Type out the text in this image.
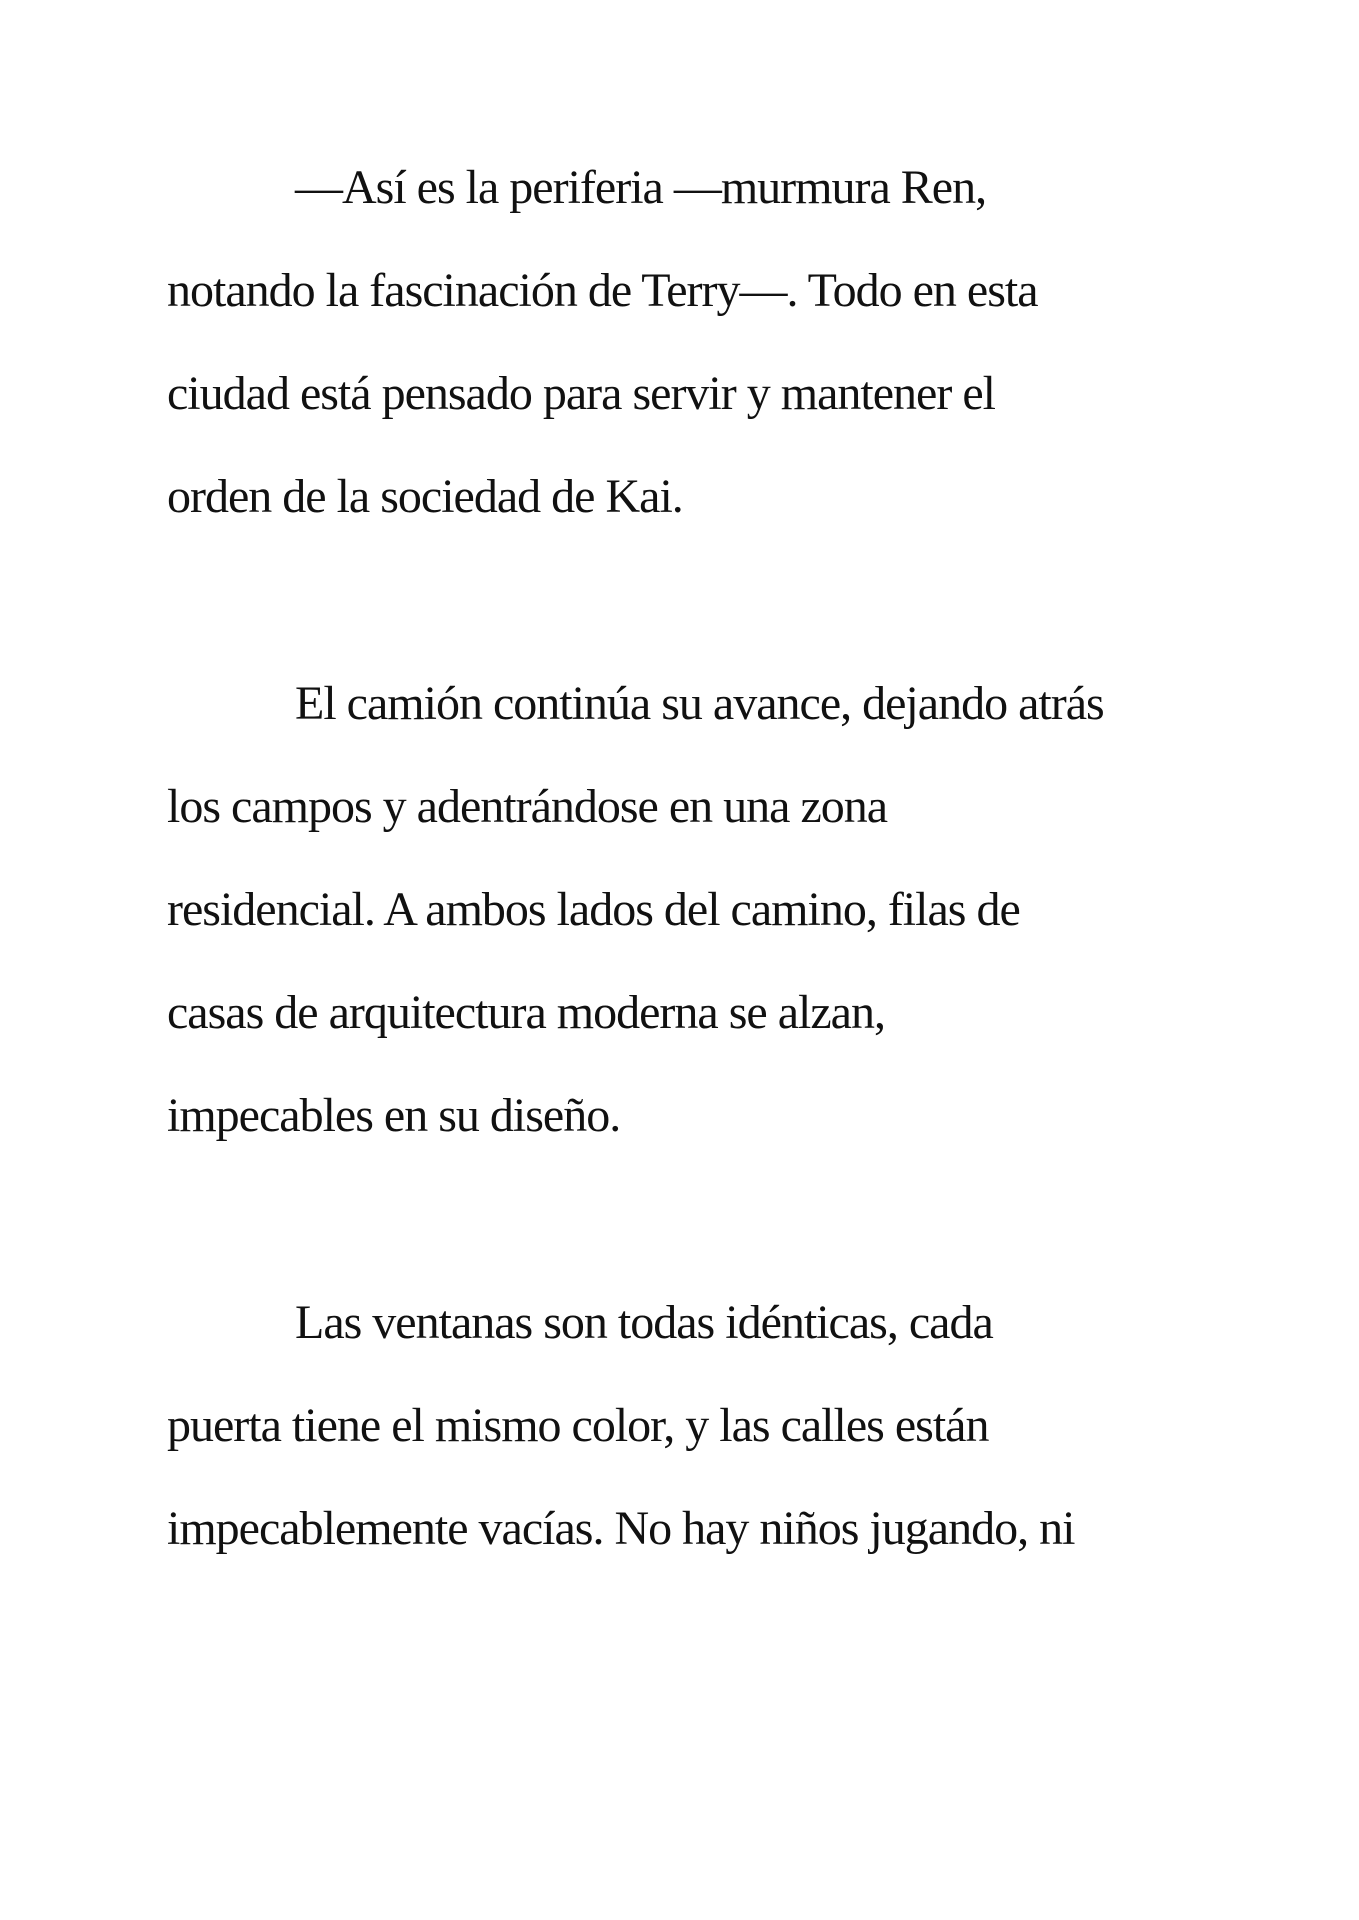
—Así es la periferia —murmura Ren,
notando la fascinación de Terry—. Todo en esta
ciudad está pensado para servir y mantener el
orden de la sociedad de Kai.

El camión continúa su avance, dejando atrás
los campos y adentrándose en una zona
residencial. A ambos lados del camino, filas de
casas de arquitectura moderna se alzan,
impecables en su diseño.

Las ventanas son todas idénticas, cada
puerta tiene el mismo color, y las calles están
impecablemente vacías. No hay niños jugando, ni
